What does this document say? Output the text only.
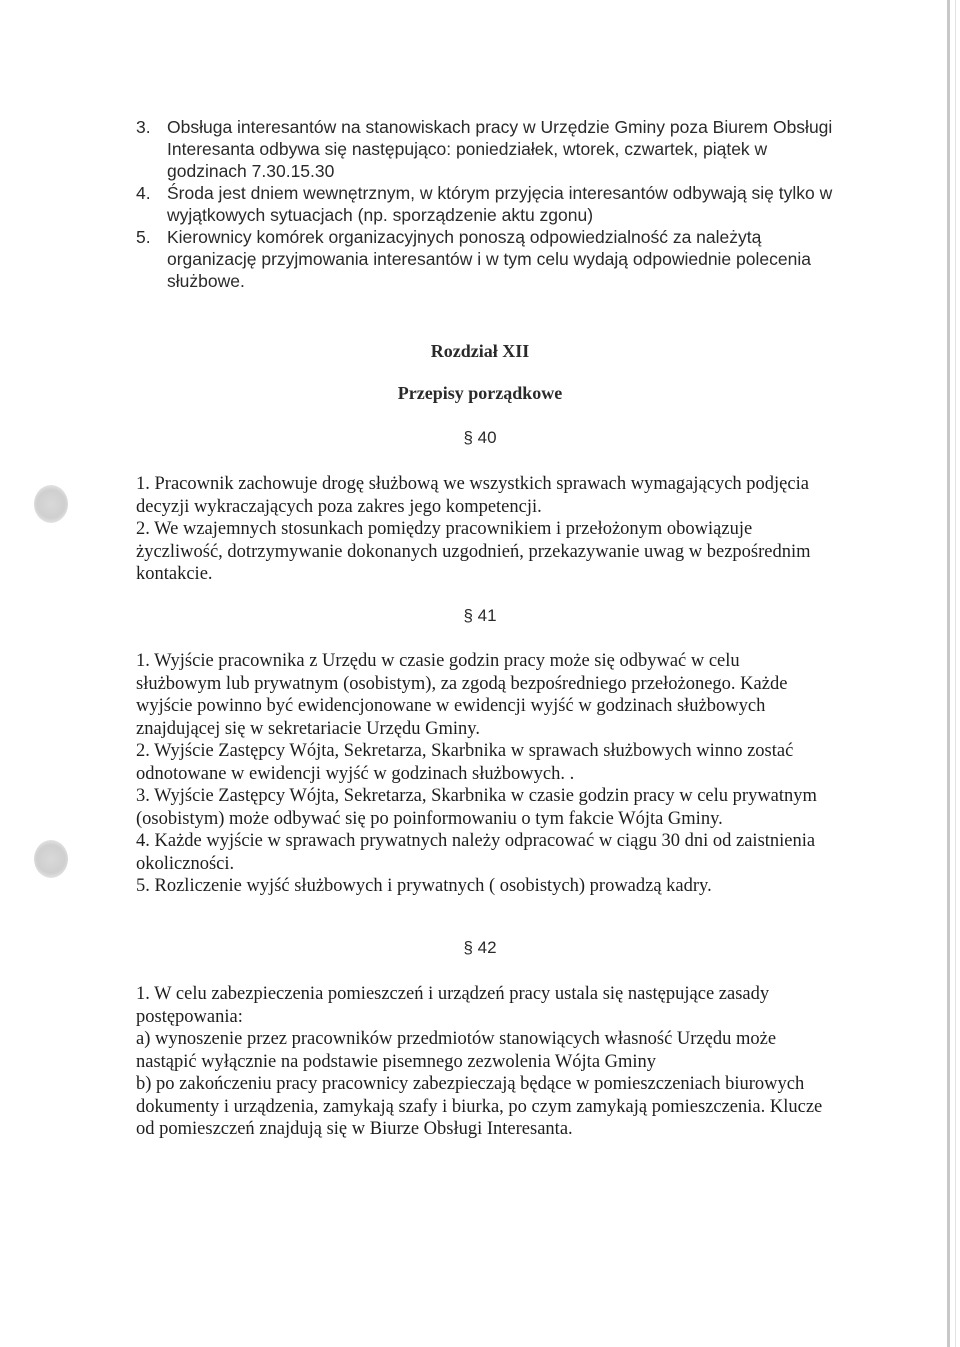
3. Obsługa interesantów na stanowiskach pracy w Urzędzie Gminy poza Biurem Obsługi Interesanta odbywa się następująco: poniedziałek, wtorek, czwartek, piątek w godzinach 7.30.15.30
4. Środa jest dniem wewnętrznym, w którym przyjęcia interesantów odbywają się tylko w wyjątkowych sytuacjach (np. sporządzenie aktu zgonu)
5. Kierownicy komórek organizacyjnych ponoszą odpowiedzialność za należytą organizację przyjmowania interesantów i w tym celu wydają odpowiednie polecenia służbowe.
Rozdział XII
Przepisy porządkowe
§ 40

1. Pracownik zachowuje drogę służbową we wszystkich sprawach wymagających podjęcia decyzji wykraczających poza zakres jego kompetencji.

2. We wzajemnych stosunkach pomiędzy pracownikiem i przełożonym obowiązuje życzliwość, dotrzymywanie dokonanych uzgodnień, przekazywanie uwag w bezpośrednim kontakcie.

§ 41

1. Wyjście pracownika z Urzędu w czasie godzin pracy może się odbywać w celu służbowym lub prywatnym (osobistym), za zgodą bezpośredniego przełożonego. Każde wyjście powinno być ewidencjonowane w ewidencji wyjść w godzinach służbowych znajdującej się w sekretariacie Urzędu Gminy.

2. Wyjście Zastępcy Wójta, Sekretarza, Skarbnika w sprawach służbowych winno zostać odnotowane w ewidencji wyjść w godzinach służbowych. .

3. Wyjście Zastępcy Wójta, Sekretarza, Skarbnika w czasie godzin pracy w celu prywatnym (osobistym) może odbywać się po poinformowaniu o tym fakcie Wójta Gminy.

4. Każde wyjście w sprawach prywatnych należy odpracować w ciągu 30 dni od zaistnienia okoliczności.

5. Rozliczenie wyjść służbowych i prywatnych ( osobistych) prowadzą kadry.

§ 42

1. W celu zabezpieczenia pomieszczeń i urządzeń pracy ustala się następujące zasady postępowania:

a) wynoszenie przez pracowników przedmiotów stanowiących własność Urzędu może nastąpić wyłącznie na podstawie pisemnego zezwolenia Wójta Gminy

b) po zakończeniu pracy pracownicy zabezpieczają będące w pomieszczeniach biurowych dokumenty i urządzenia, zamykają szafy i biurka, po czym zamykają pomieszczenia. Klucze od pomieszczeń znajdują się w Biurze Obsługi Interesanta.
